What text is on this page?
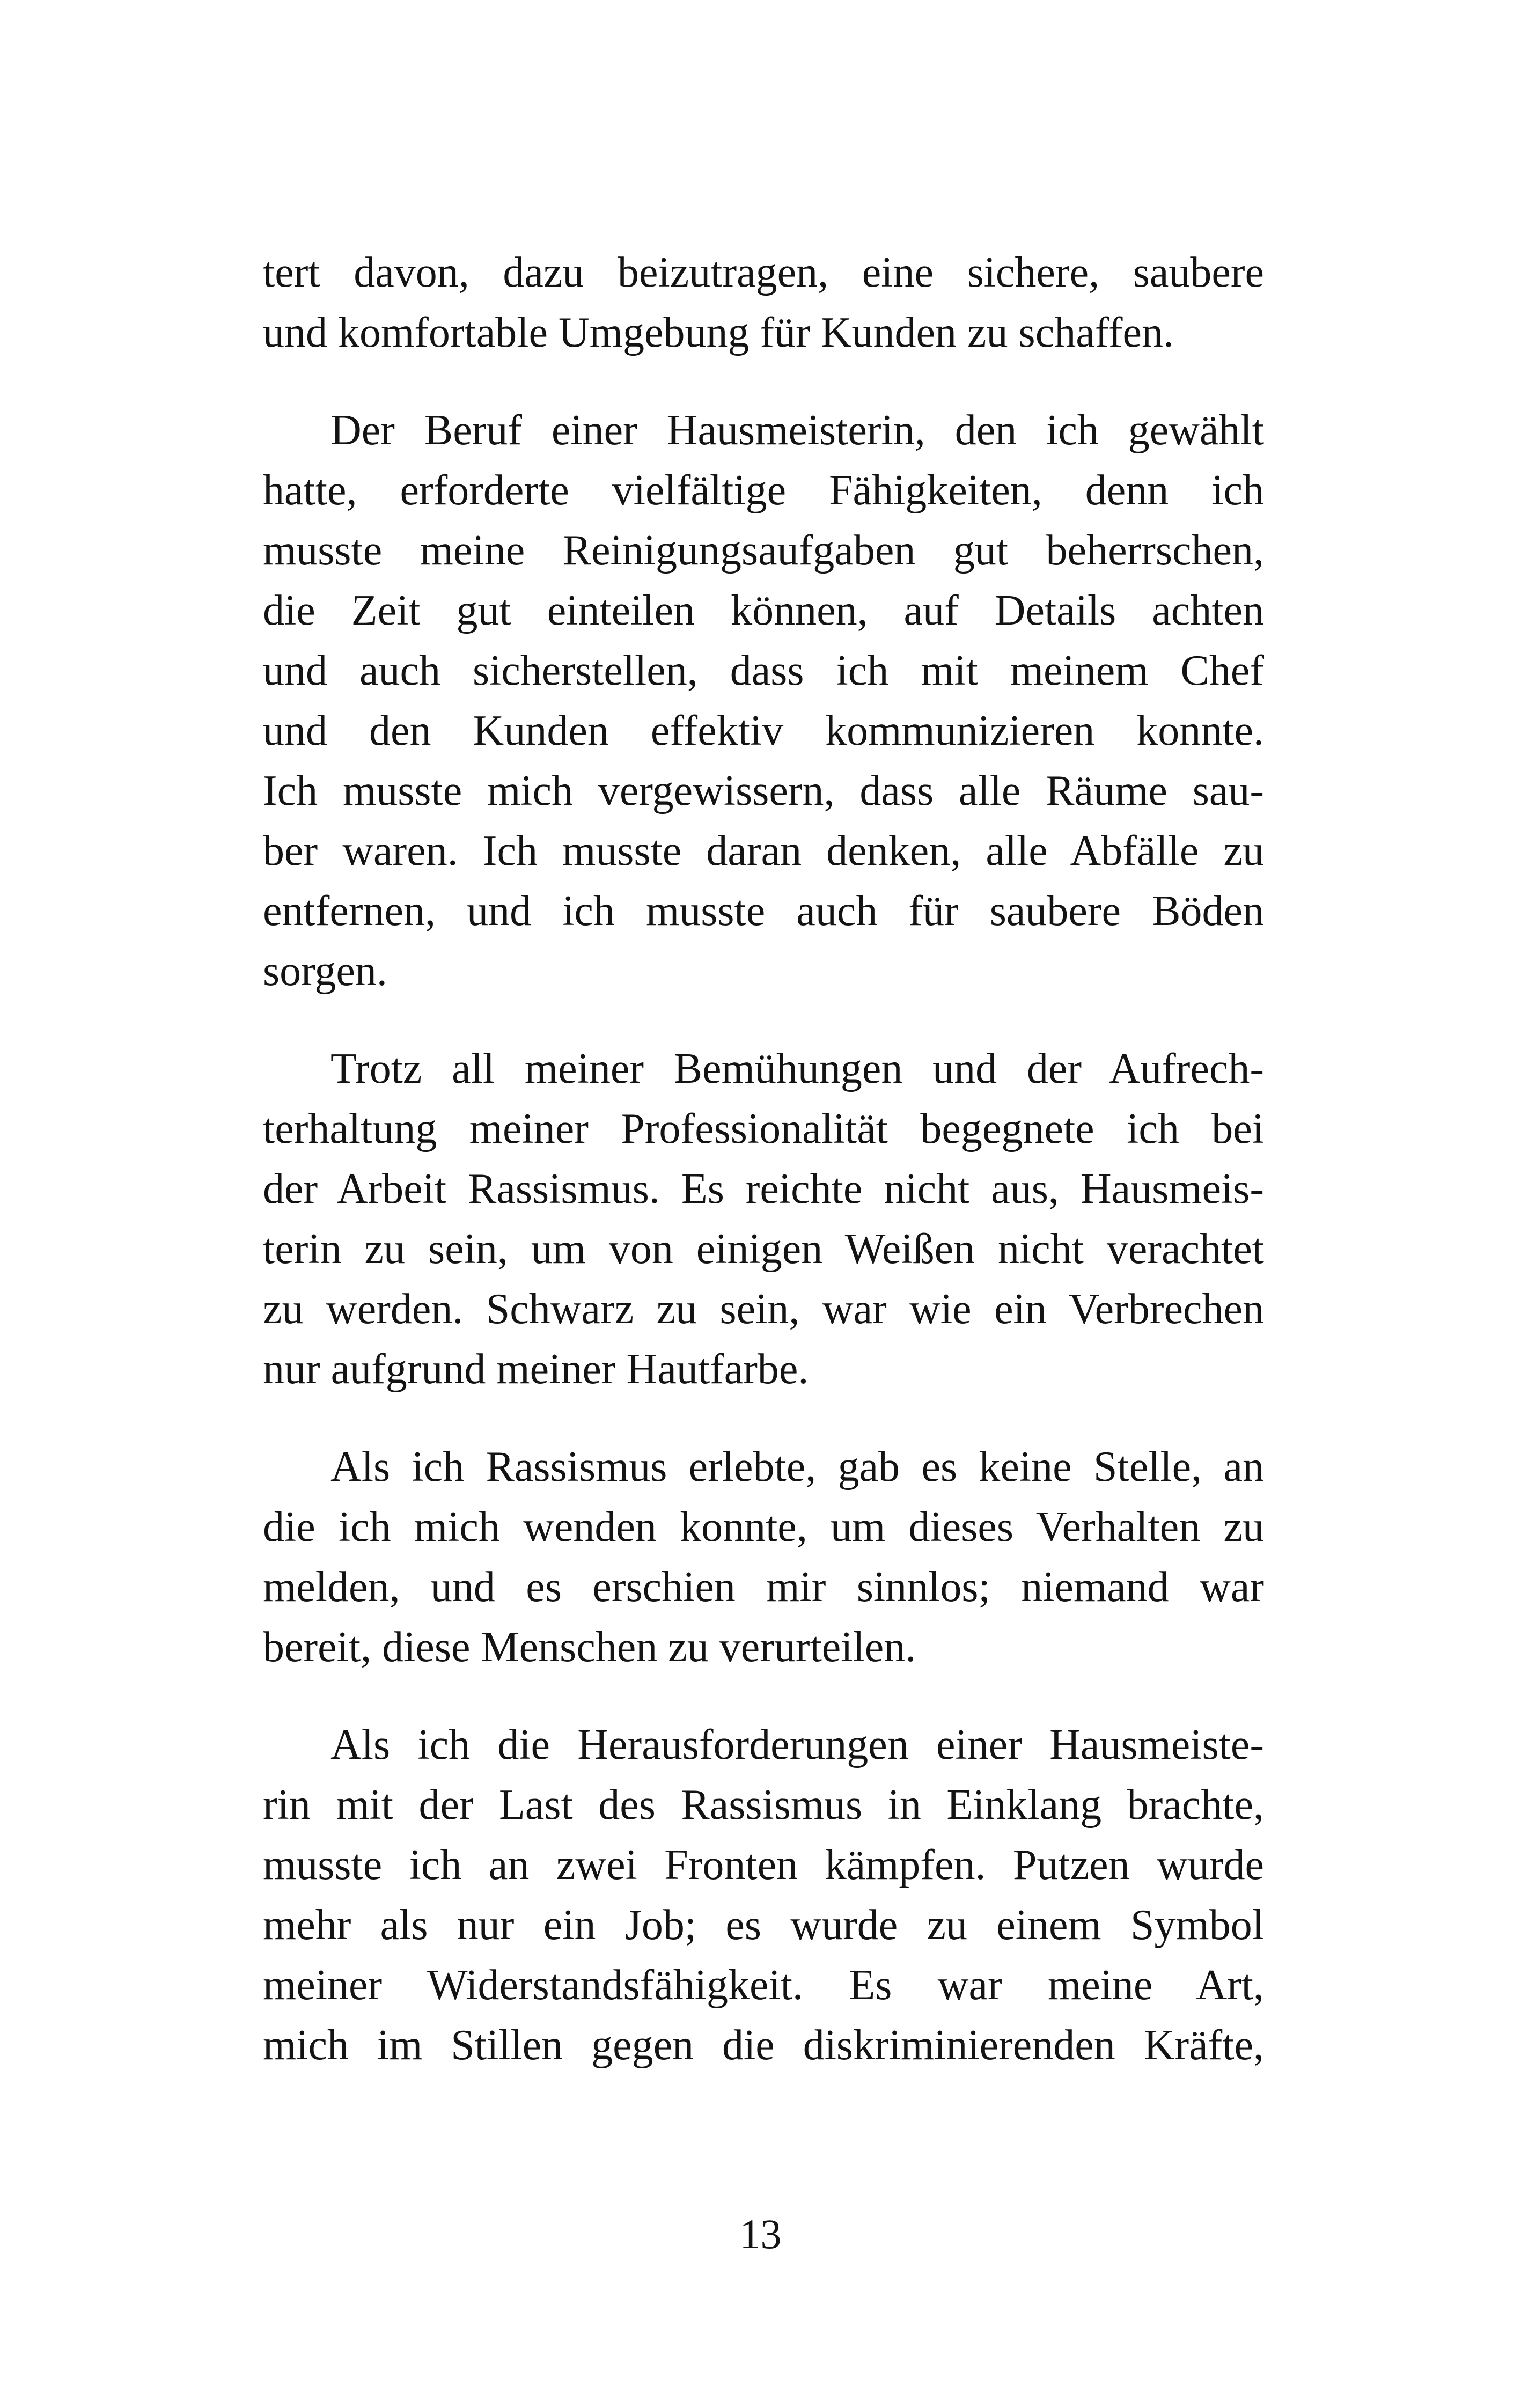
tert davon, dazu beizutragen, eine sichere, saubere
und komfortable Umgebung für Kunden zu schaffen.
Der Beruf einer Hausmeisterin, den ich gewählt
hatte, erforderte vielfältige Fähigkeiten, denn ich
musste meine Reinigungsaufgaben gut beherrschen,
die Zeit gut einteilen können, auf Details achten
und auch sicherstellen, dass ich mit meinem Chef
und den Kunden effektiv kommunizieren konnte.
Ich musste mich vergewissern, dass alle Räume sau-
ber waren. Ich musste daran denken, alle Abfälle zu
entfernen, und ich musste auch für saubere Böden
sorgen.
Trotz all meiner Bemühungen und der Aufrech-
terhaltung meiner Professionalität begegnete ich bei
der Arbeit Rassismus. Es reichte nicht aus, Hausmeis-
terin zu sein, um von einigen Weißen nicht verachtet
zu werden. Schwarz zu sein, war wie ein Verbrechen
nur aufgrund meiner Hautfarbe.
Als ich Rassismus erlebte, gab es keine Stelle, an
die ich mich wenden konnte, um dieses Verhalten zu
melden, und es erschien mir sinnlos; niemand war
bereit, diese Menschen zu verurteilen.
Als ich die Herausforderungen einer Hausmeiste-
rin mit der Last des Rassismus in Einklang brachte,
musste ich an zwei Fronten kämpfen. Putzen wurde
mehr als nur ein Job; es wurde zu einem Symbol
meiner Widerstandsfähigkeit. Es war meine Art,
mich im Stillen gegen die diskriminierenden Kräfte,
13
